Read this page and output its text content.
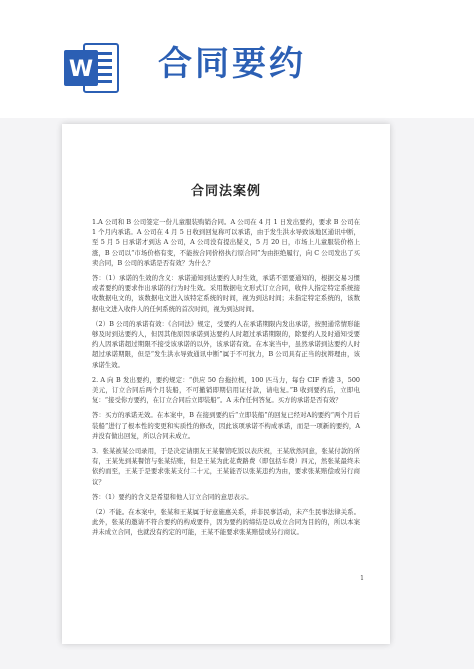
W 合同要约
合同法案例

1.A 公司和 B 公司签定一份儿童服装购销合同。A 公司在 4 月 1 日发出要约，要求 B 公司在 1 个月内承诺。A 公司在 4 月 5 日收到回复称可以承诺，由于发生洪水导致该地区通讯中断，至 5 月 5 日承诺才到达 A 公司，A 公司没有提出疑义，5 月 20 日，市场上儿童服装价格上涨，B 公司以“市场价格有变，不能按合同价格执行原合同”为由拒绝履行，向 C 公司发出了买卖合同，B 公司的承诺是否有效？为什么？

答：（1）承诺的生效的含义：承诺通知到达要约人时生效，承诺不需要通知的，根据交易习惯或者要约的要求作出承诺的行为时生效。采用数据电文形式订立合同，收件人指定特定系统接收数据电文的，该数据电文进入该特定系统的时间，视为到达时间；未指定特定系统的，该数据电文进入收件人的任何系统的首次时间，视为到达时间。

（2）B 公司的承诺有效：《合同法》规定，受要约人在承诺期限内发出承诺，按照通常情形能够及时到达要约人，但因其他原因承诺到达要约人时超过承诺期限的，除要约人及时通知受要约人因承诺超过期限不接受该承诺的以外，该承诺有效。在本案当中，虽然承诺到达要约人时超过承诺期限，但是“发生洪水导致通讯中断”属于不可抗力，B 公司具有正当的抗辩理由，该承诺生效。

2. A 向 B 发出要约，要约规定：“供应 50 台拖拉机，100 匹马力，每台 CIF 香港 3，500 美元，订立合同后两个月装船，不可撤销即期信用证付款，请电复。”B 收到要约后，立即电复：“接受你方要约，在订立合同后立即装船”。A 未作任何答复。买方的承诺是否有效？

答：买方的承诺无效。在本案中，B 在接到要约后“立即装船”的回复已经对A的要约“两个月后装船”进行了根本性的变更和实质性的修改，因此该项承诺不构成承诺，而是一项新的要约，A 并没有做出回复，所以合同未成立。

3．张某被某公司录用，于是决定请朋友王某餐馆吃饭以表庆祝，王某欣然同意，张某付款的所有，王某先到某餐馆与张某结账，但是王某为此花费路费（即包括车费）四元，然张某最终未依约而至，王某于是要求张某支付二十元，王某能否以张某违约为由，要求张某赔偿或另行商议？

答：（1）要约的含义是希望和他人订立合同的意思表示。

（2）不能。在本案中，张某和王某属于好意施惠关系，并非民事活动，未产生民事法律关系。此外，张某的邀请不符合要约的构成要件，因为要约的缔结是以成立合同为目的的，所以本案并未成立合同，也就没有约定的可能，王某不能要求张某赔偿或另行商议。

1
